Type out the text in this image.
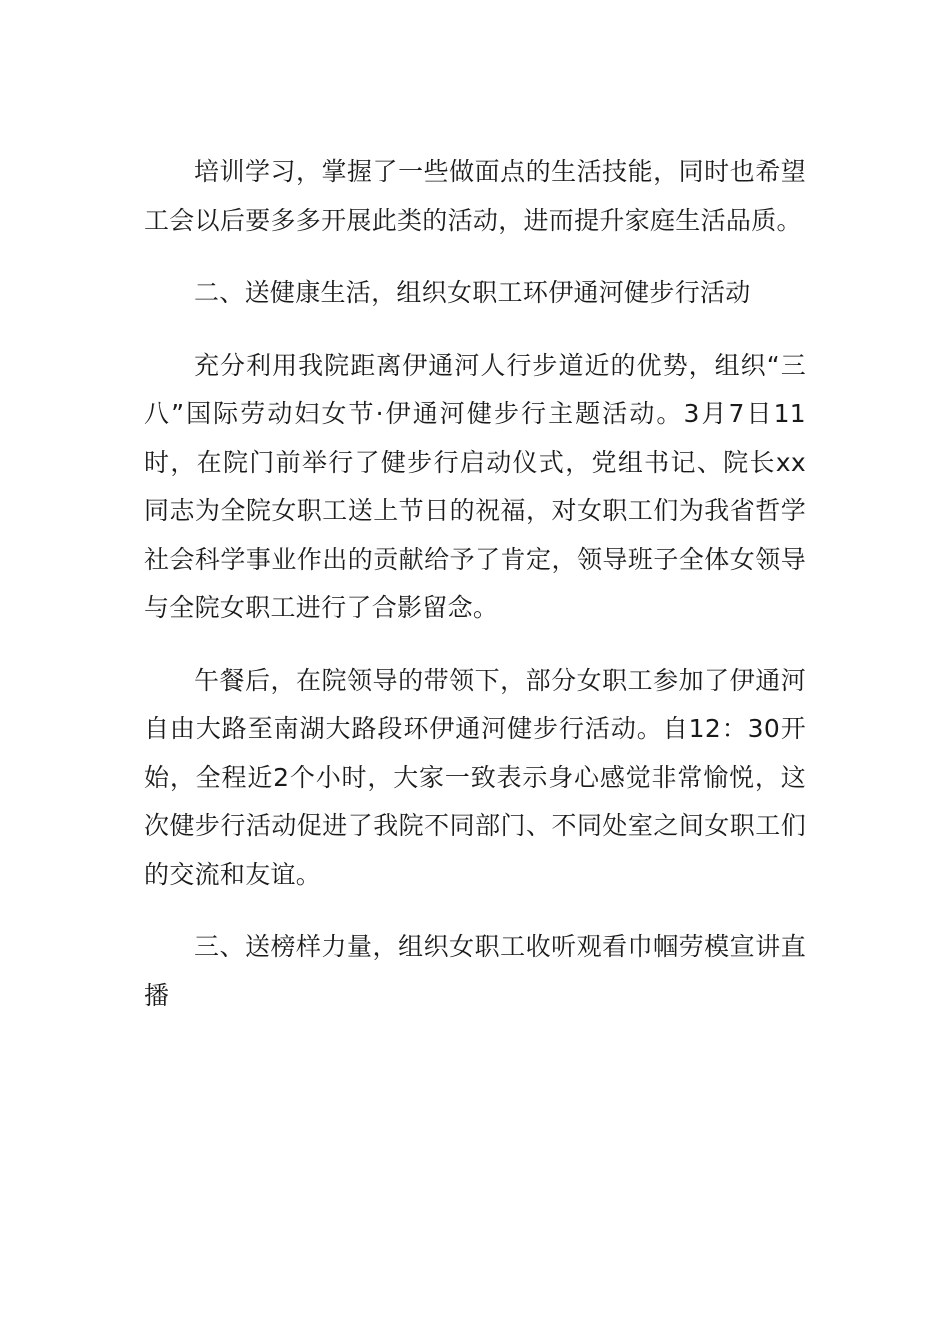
培训学习，掌握了一些做面点的生活技能，同时也希望工会以后要多多开展此类的活动，进而提升家庭生活品质。

二、送健康生活，组织女职工环伊通河健步行活动

充分利用我院距离伊通河人行步道近的优势，组织“三八”国际劳动妇女节·伊通河健步行主题活动。3月7日11时，在院门前举行了健步行启动仪式，党组书记、院长xx同志为全院女职工送上节日的祝福，对女职工们为我省哲学社会科学事业作出的贡献给予了肯定，领导班子全体女领导与全院女职工进行了合影留念。

午餐后，在院领导的带领下，部分女职工参加了伊通河自由大路至南湖大路段环伊通河健步行活动。自12：30开始，全程近2个小时，大家一致表示身心感觉非常愉悦，这次健步行活动促进了我院不同部门、不同处室之间女职工们的交流和友谊。

三、送榜样力量，组织女职工收听观看巾帼劳模宣讲直播
